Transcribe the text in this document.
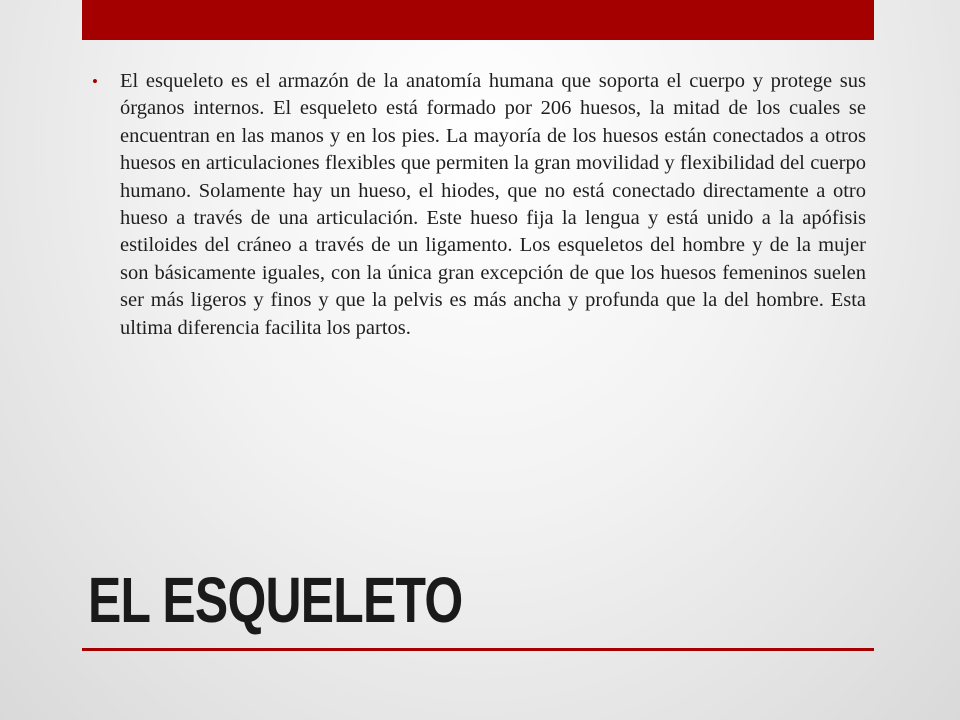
•	El esqueleto es el armazón de la anatomía humana que soporta el cuerpo y protege sus órganos internos. El esqueleto está formado por 206 huesos, la mitad de los cuales se encuentran en las manos y en los pies. La mayoría de los huesos están conectados a otros huesos en articulaciones flexibles que permiten la gran movilidad y flexibilidad del cuerpo humano. Solamente hay un hueso, el hiodes, que no está conectado directamente a otro hueso a través de una articulación. Este hueso fija la lengua y está unido a la apófisis estiloides del cráneo a través de un ligamento. Los esqueletos del hombre y de la mujer son básicamente iguales, con la única gran excepción de que los huesos femeninos suelen ser más ligeros y finos y que la pelvis es más ancha y profunda que la del hombre. Esta ultima diferencia facilita los partos.

EL ESQUELETO
